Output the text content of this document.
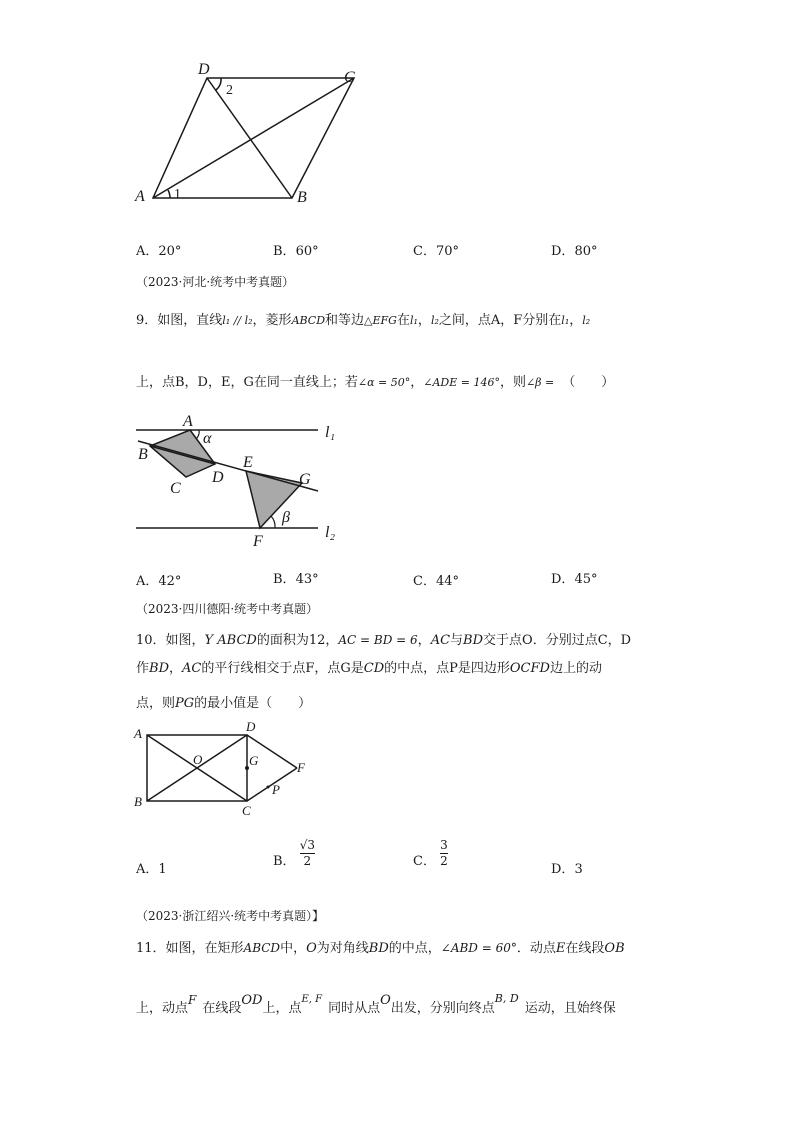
D	C
A	B
1
2
A．20°	B．60°	C．70°	D．80°
（2023·河北·统考中考真题）
9．如图，直线l₁ // l₂，菱形ABCD和等边△EFG在l₁，l₂之间，点A，F分别在l₁，l₂
上，点B，D，E，G在同一直线上；若∠α = 50°，∠ADE = 146°，则∠β = （　　）
A
α	l₁
B	E
D
C
G
β
F
l₂
A．42°	B．43°	C．44°	D．45°
（2023·四川德阳·统考中考真题）
10．如图，Y ABCD的面积为12，AC = BD = 6，AC与BD交于点O．分别过点C，D
作BD，AC的平行线相交于点F，点G是CD的中点，点P是四边形OCFD边上的动
点，则PG的最小值是（　　）
A	D
O	G	F
P
B
C
A．1
B． $\frac{√3}{2}$	C． $\frac{3}{2}$
D．3
（2023·浙江绍兴·统考中考真题）】
11．如图，在矩形ABCD中，O为对角线BD的中点，∠ABD = 60°．动点E在线段OB
上，动点F在线段OD上，点$^{E, F}$同时从点O出发，分别向终点$^{B, D}$运动，且始终保
